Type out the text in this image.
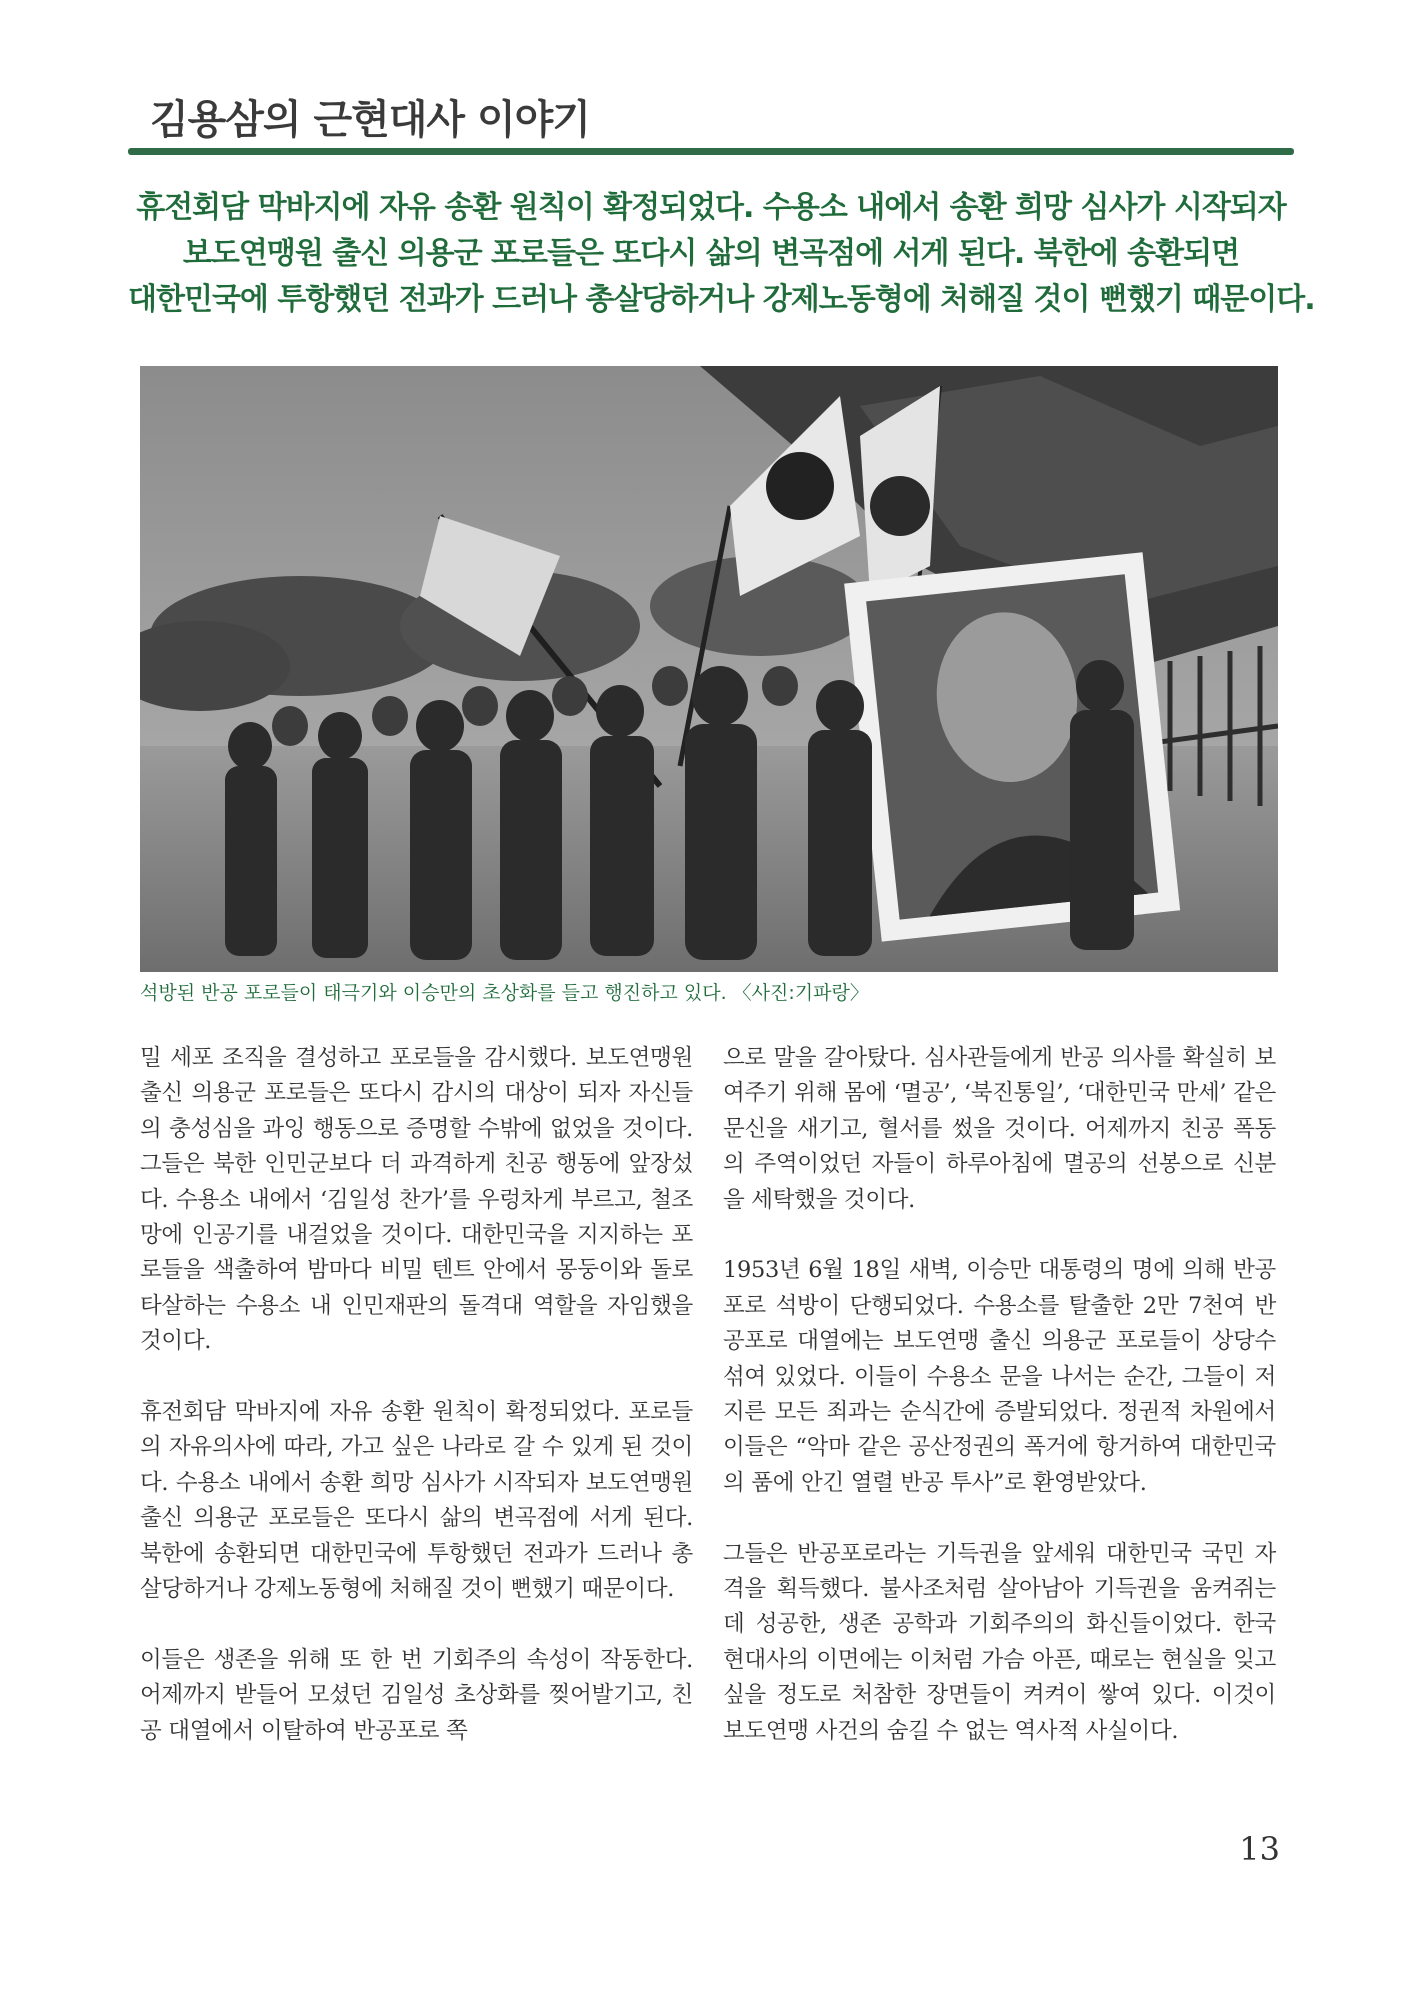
김용삼의 근현대사 이야기
휴전회담 막바지에 자유 송환 원칙이 확정되었다. 수용소 내에서 송환 희망 심사가 시작되자
보도연맹원 출신 의용군 포로들은 또다시 삶의 변곡점에 서게 된다. 북한에 송환되면
대한민국에 투항했던 전과가 드러나 총살당하거나 강제노동형에 처해질 것이 뻔했기 때문이다.
석방된 반공 포로들이 태극기와 이승만의 초상화를 들고 행진하고 있다. 〈사진:기파랑〉

밀 세포 조직을 결성하고 포로들을 감시했다. 보도연맹원 출신 의용군 포로들은 또다시 감시의 대상이 되자 자신들의 충성심을 과잉 행동으로 증명할 수밖에 없었을 것이다. 그들은 북한 인민군보다 더 과격하게 친공 행동에 앞장섰다. 수용소 내에서 ‘김일성 찬가’를 우렁차게 부르고, 철조망에 인공기를 내걸었을 것이다. 대한민국을 지지하는 포로들을 색출하여 밤마다 비밀 텐트 안에서 몽둥이와 돌로 타살하는 수용소 내 인민재판의 돌격대 역할을 자임했을 것이다.

휴전회담 막바지에 자유 송환 원칙이 확정되었다. 포로들의 자유의사에 따라, 가고 싶은 나라로 갈 수 있게 된 것이다. 수용소 내에서 송환 희망 심사가 시작되자 보도연맹원 출신 의용군 포로들은 또다시 삶의 변곡점에 서게 된다. 북한에 송환되면 대한민국에 투항했던 전과가 드러나 총살당하거나 강제노동형에 처해질 것이 뻔했기 때문이다.

이들은 생존을 위해 또 한 번 기회주의 속성이 작동한다. 어제까지 받들어 모셨던 김일성 초상화를 찢어발기고, 친공 대열에서 이탈하여 반공포로 쪽

으로 말을 갈아탔다. 심사관들에게 반공 의사를 확실히 보여주기 위해 몸에 ‘멸공’, ‘북진통일’, ‘대한민국 만세’ 같은 문신을 새기고, 혈서를 썼을 것이다. 어제까지 친공 폭동의 주역이었던 자들이 하루아침에 멸공의 선봉으로 신분을 세탁했을 것이다.

1953년 6월 18일 새벽, 이승만 대통령의 명에 의해 반공포로 석방이 단행되었다. 수용소를 탈출한 2만 7천여 반공포로 대열에는 보도연맹 출신 의용군 포로들이 상당수 섞여 있었다. 이들이 수용소 문을 나서는 순간, 그들이 저지른 모든 죄과는 순식간에 증발되었다. 정권적 차원에서 이들은 “악마 같은 공산정권의 폭거에 항거하여 대한민국의 품에 안긴 열렬 반공 투사”로 환영받았다.

그들은 반공포로라는 기득권을 앞세워 대한민국 국민 자격을 획득했다. 불사조처럼 살아남아 기득권을 움켜쥐는 데 성공한, 생존 공학과 기회주의의 화신들이었다. 한국 현대사의 이면에는 이처럼 가슴 아픈, 때로는 현실을 잊고 싶을 정도로 처참한 장면들이 켜켜이 쌓여 있다. 이것이 보도연맹 사건의 숨길 수 없는 역사적 사실이다.

13
